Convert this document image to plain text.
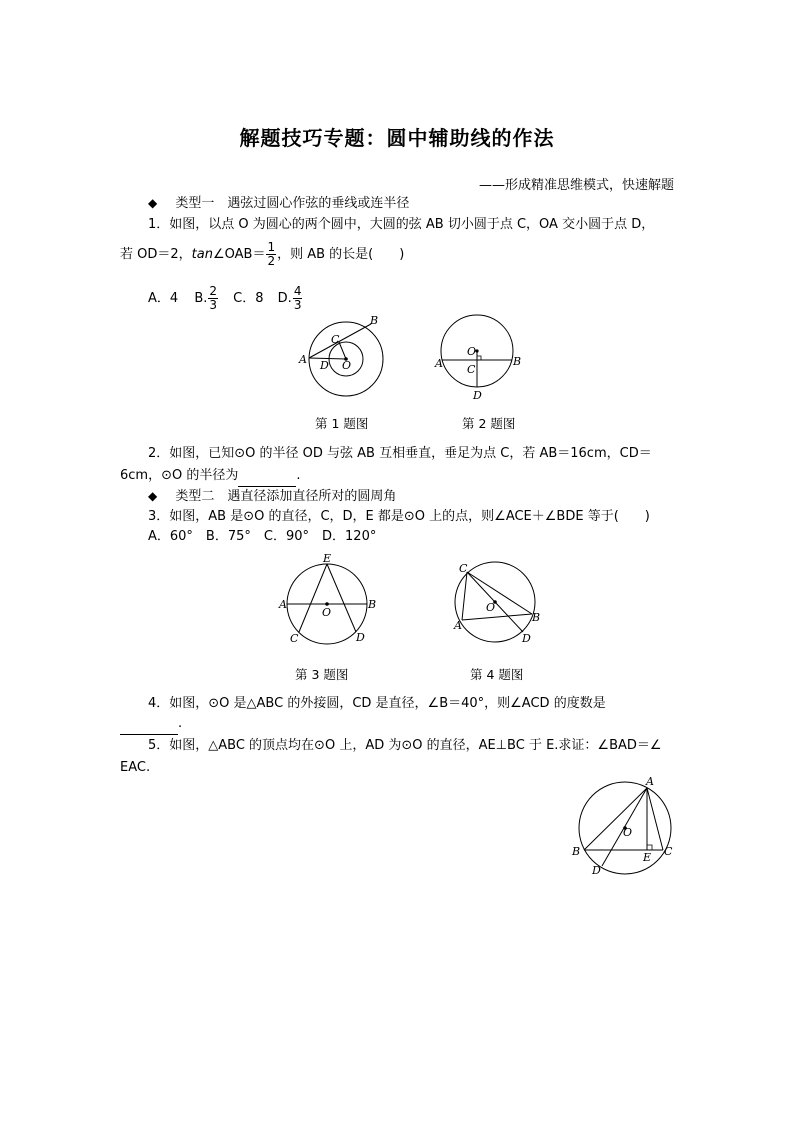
解题技巧专题：圆中辅助线的作法
——形成精准思维模式，快速解题
◆ 类型一　遇弦过圆心作弦的垂线或连半径
1．如图，以点 O 为圆心的两个圆中，大圆的弦 AB 切小圆于点 C，OA 交小圆于点 D，
若 OD＝2，tan∠OAB＝ $\frac{1}{2}$ ，则 AB 的长是(　　)
A．4 B. $\frac{2}{3}$ C．8 D. $\frac{4}{3}$
A
B
C
D O	A	B
C
D
O
第 1 题图	第 2 题图
2．如图，已知⊙O 的半径 OD 与弦 AB 互相垂直，垂足为点 C，若 AB＝16cm，CD＝
6cm，⊙O 的半径为	.
◆ 类型二　遇直径添加直径所对的圆周角
3．如图，AB 是⊙O 的直径，C，D，E 都是⊙O 上的点，则∠ACE＋∠BDE 等于(　　)
A．60°　B．75°　C．90°　D．120°
A	B
C	D
E
O
A
B
C
D
O
第 3 题图	第 4 题图
4．如图，⊙O 是△ABC 的外接圆，CD 是直径，∠B＝40°，则∠ACD 的度数是
.
5．如图，△ABC 的顶点均在⊙O 上，AD 为⊙O 的直径，AE⊥BC 于 E.求证：∠BAD＝∠
EAC.
A
B	C
D
E
O
